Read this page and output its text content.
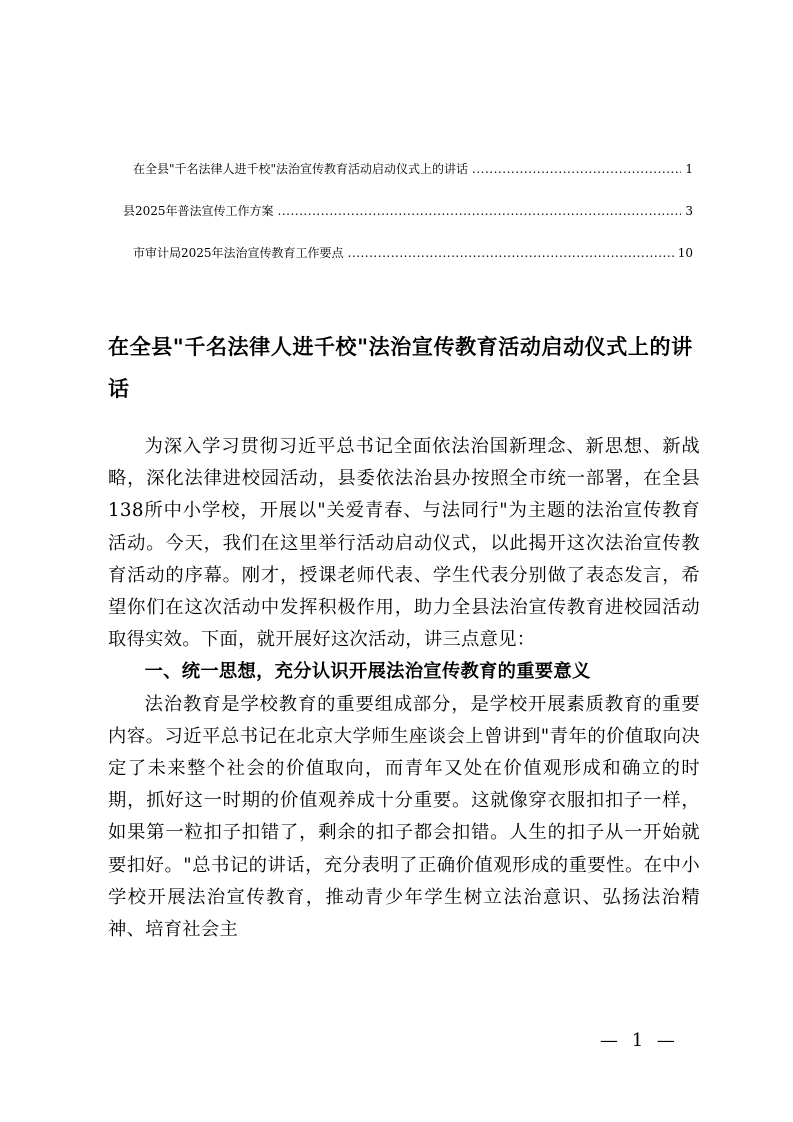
在全县"千名法律人进千校"法治宣传教育活动启动仪式上的讲话 .....	1
县2025年普法宣传工作方案 .....	3
市审计局2025年法治宣传教育工作要点 .....	10
在全县"千名法律人进千校"法治宣传教育活动启动仪式上的讲话

为深入学习贯彻习近平总书记全面依法治国新理念、新思想、新战略，深化法律进校园活动，县委依法治县办按照全市统一部署，在全县138所中小学校，开展以"关爱青春、与法同行"为主题的法治宣传教育活动。今天，我们在这里举行活动启动仪式，以此揭开这次法治宣传教育活动的序幕。刚才，授课老师代表、学生代表分别做了表态发言，希望你们在这次活动中发挥积极作用，助力全县法治宣传教育进校园活动取得实效。下面，就开展好这次活动，讲三点意见：

一、统一思想，充分认识开展法治宣传教育的重要意义

法治教育是学校教育的重要组成部分，是学校开展素质教育的重要内容。习近平总书记在北京大学师生座谈会上曾讲到"青年的价值取向决定了未来整个社会的价值取向，而青年又处在价值观形成和确立的时期，抓好这一时期的价值观养成十分重要。这就像穿衣服扣扣子一样，如果第一粒扣子扣错了，剩余的扣子都会扣错。人生的扣子从一开始就要扣好。"总书记的讲话，充分表明了正确价值观形成的重要性。在中小学校开展法治宣传教育，推动青少年学生树立法治意识、弘扬法治精神、培育社会主

— 1 —
